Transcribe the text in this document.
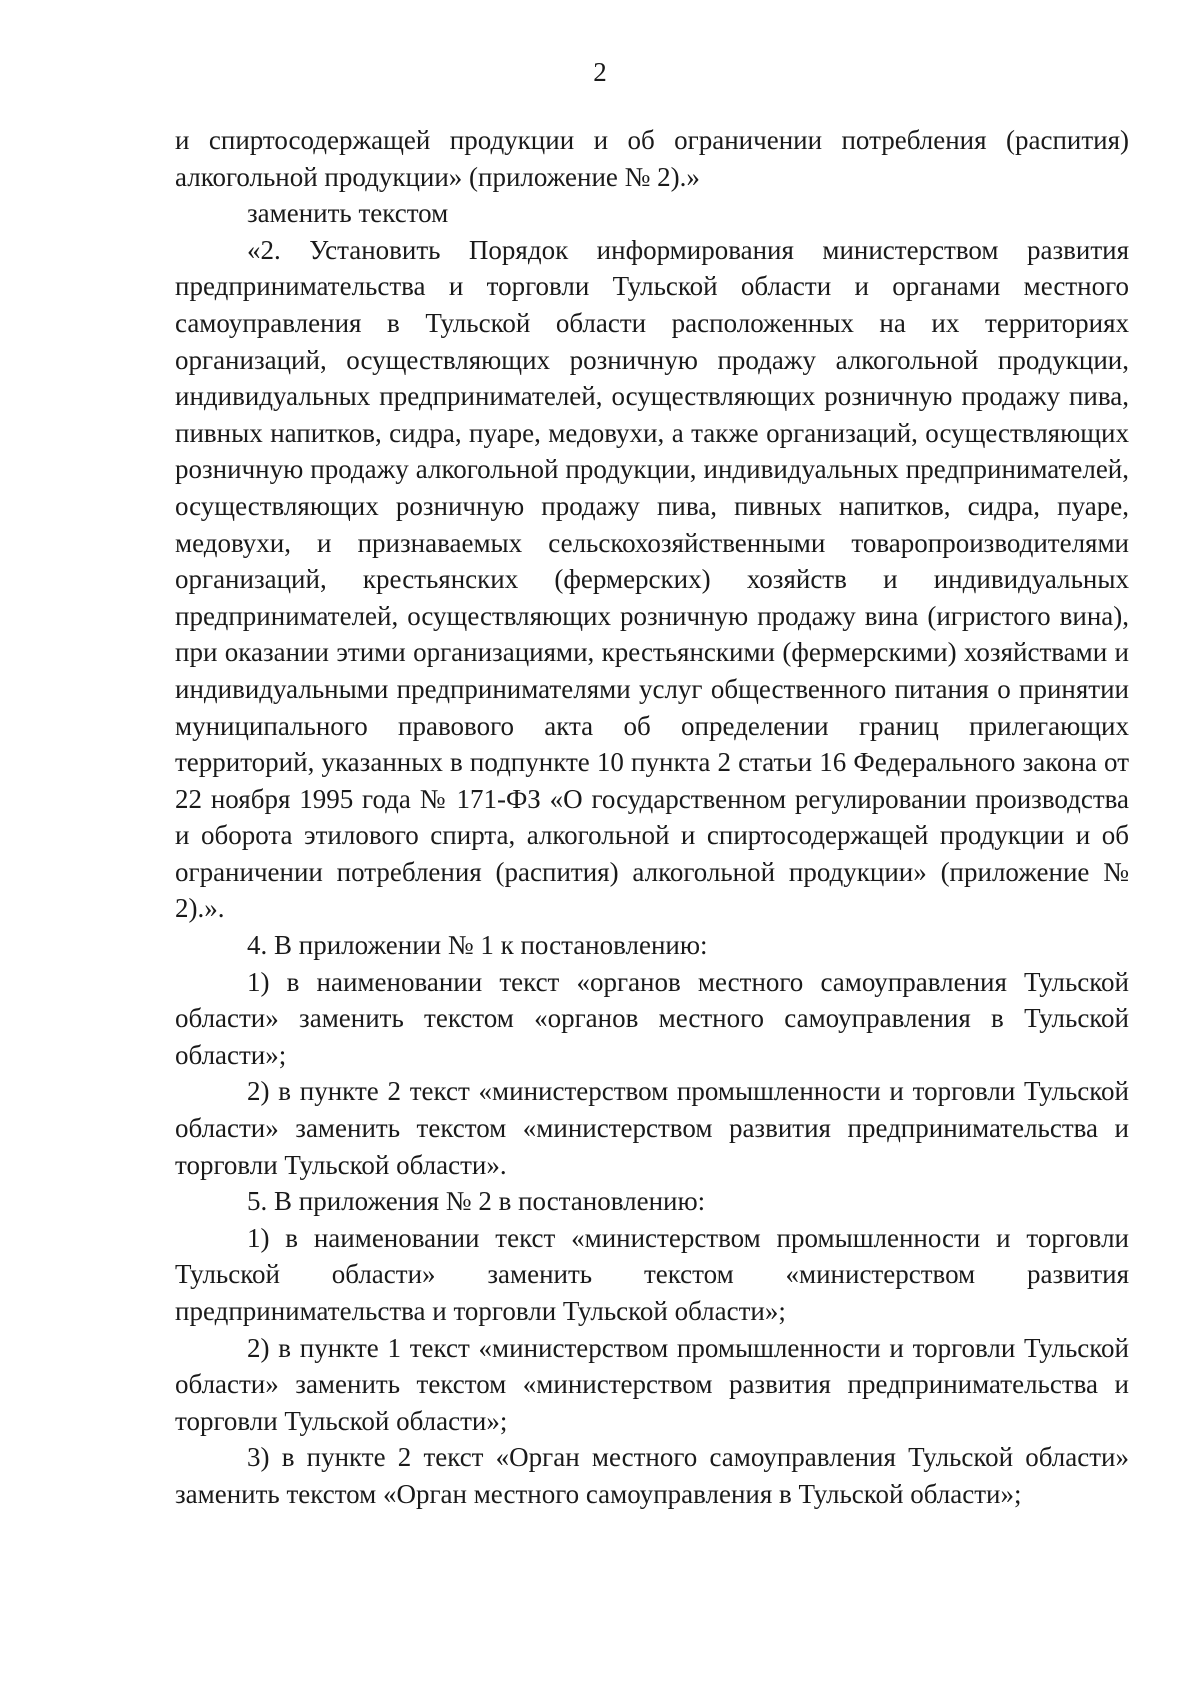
2

и спиртосодержащей продукции и об ограничении потребления (распития) алкогольной продукции» (приложение № 2).»

заменить текстом

«2. Установить Порядок информирования министерством развития предпринимательства и торговли Тульской области и органами местного самоуправления в Тульской области расположенных на их территориях организаций, осуществляющих розничную продажу алкогольной продукции, индивидуальных предпринимателей, осуществляющих розничную продажу пива, пивных напитков, сидра, пуаре, медовухи, а также организаций, осуществляющих розничную продажу алкогольной продукции, индивидуальных предпринимателей, осуществляющих розничную продажу пива, пивных напитков, сидра, пуаре, медовухи, и признаваемых сельскохозяйственными товаропроизводителями организаций, крестьянских (фермерских) хозяйств и индивидуальных предпринимателей, осуществляющих розничную продажу вина (игристого вина), при оказании этими организациями, крестьянскими (фермерскими) хозяйствами и индивидуальными предпринимателями услуг общественного питания о принятии муниципального правового акта об определении границ прилегающих территорий, указанных в подпункте 10 пункта 2 статьи 16 Федерального закона от 22 ноября 1995 года № 171-ФЗ «О государственном регулировании производства и оборота этилового спирта, алкогольной и спиртосодержащей продукции и об ограничении потребления (распития) алкогольной продукции» (приложение № 2).».

4. В приложении № 1 к постановлению:

1) в наименовании текст «органов местного самоуправления Тульской области» заменить текстом «органов местного самоуправления в Тульской области»;

2) в пункте 2 текст «министерством промышленности и торговли Тульской области» заменить текстом «министерством развития предпринимательства и торговли Тульской области».

5. В приложения № 2 в постановлению:

1) в наименовании текст «министерством промышленности и торговли Тульской области» заменить текстом «министерством развития предпринимательства и торговли Тульской области»;

2) в пункте 1 текст «министерством промышленности и торговли Тульской области» заменить текстом «министерством развития предпринимательства и торговли Тульской области»;

3) в пункте 2 текст «Орган местного самоуправления Тульской области» заменить текстом «Орган местного самоуправления в Тульской области»;
